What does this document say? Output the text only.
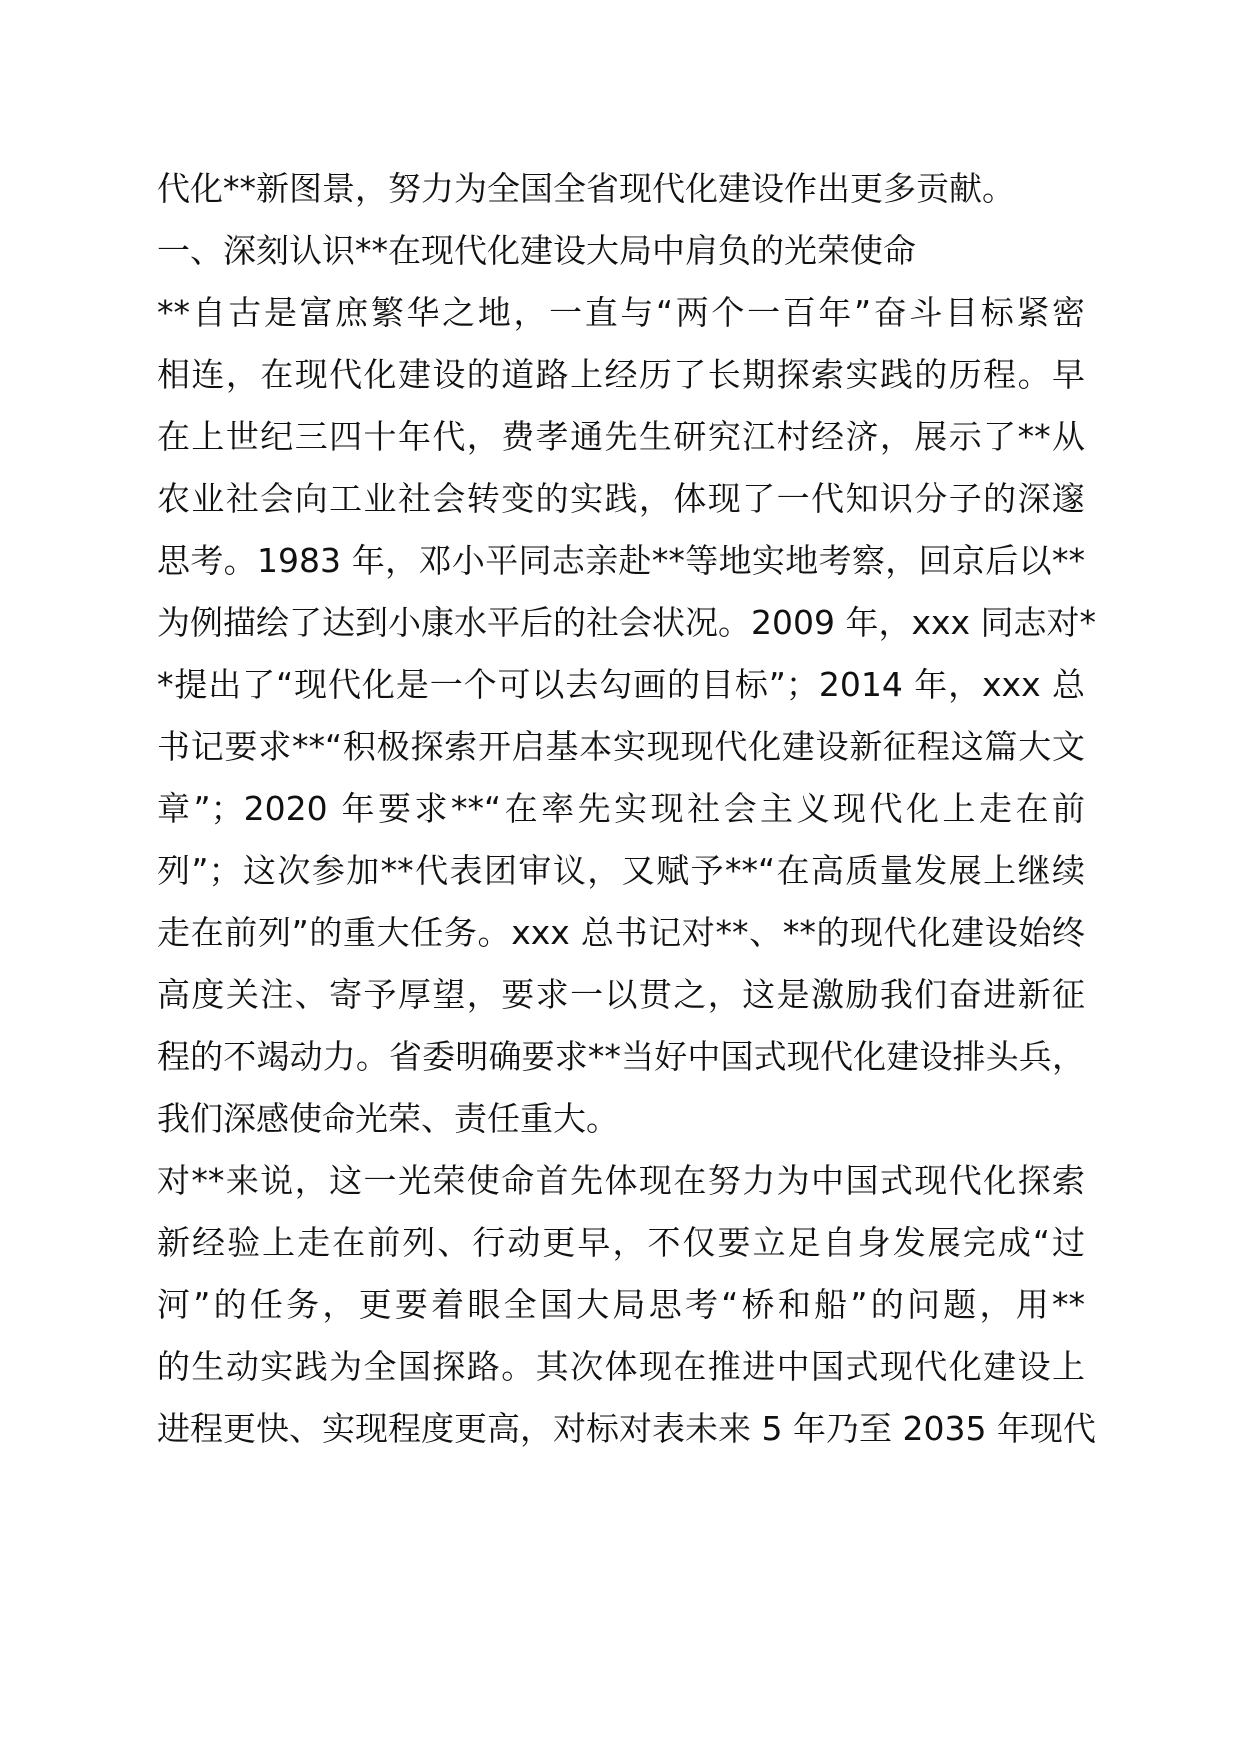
代化**新图景，努力为全国全省现代化建设作出更多贡献。
一、深刻认识**在现代化建设大局中肩负的光荣使命
**自古是富庶繁华之地，一直与“两个一百年”奋斗目标紧密
相连，在现代化建设的道路上经历了长期探索实践的历程。早
在上世纪三四十年代，费孝通先生研究江村经济，展示了**从
农业社会向工业社会转变的实践，体现了一代知识分子的深邃
思考。1983 年，邓小平同志亲赴**等地实地考察，回京后以**
为例描绘了达到小康水平后的社会状况。2009 年，xxx 同志对*
*提出了“现代化是一个可以去勾画的目标”；2014 年，xxx 总
书记要求**“积极探索开启基本实现现代化建设新征程这篇大文
章”；2020 年要求**“在率先实现社会主义现代化上走在前
列”；这次参加**代表团审议，又赋予**“在高质量发展上继续
走在前列”的重大任务。xxx 总书记对**、**的现代化建设始终
高度关注、寄予厚望，要求一以贯之，这是激励我们奋进新征
程的不竭动力。省委明确要求**当好中国式现代化建设排头兵，
我们深感使命光荣、责任重大。
对**来说，这一光荣使命首先体现在努力为中国式现代化探索
新经验上走在前列、行动更早，不仅要立足自身发展完成“过
河”的任务，更要着眼全国大局思考“桥和船”的问题，用**
的生动实践为全国探路。其次体现在推进中国式现代化建设上
进程更快、实现程度更高，对标对表未来 5 年乃至 2035 年现代
